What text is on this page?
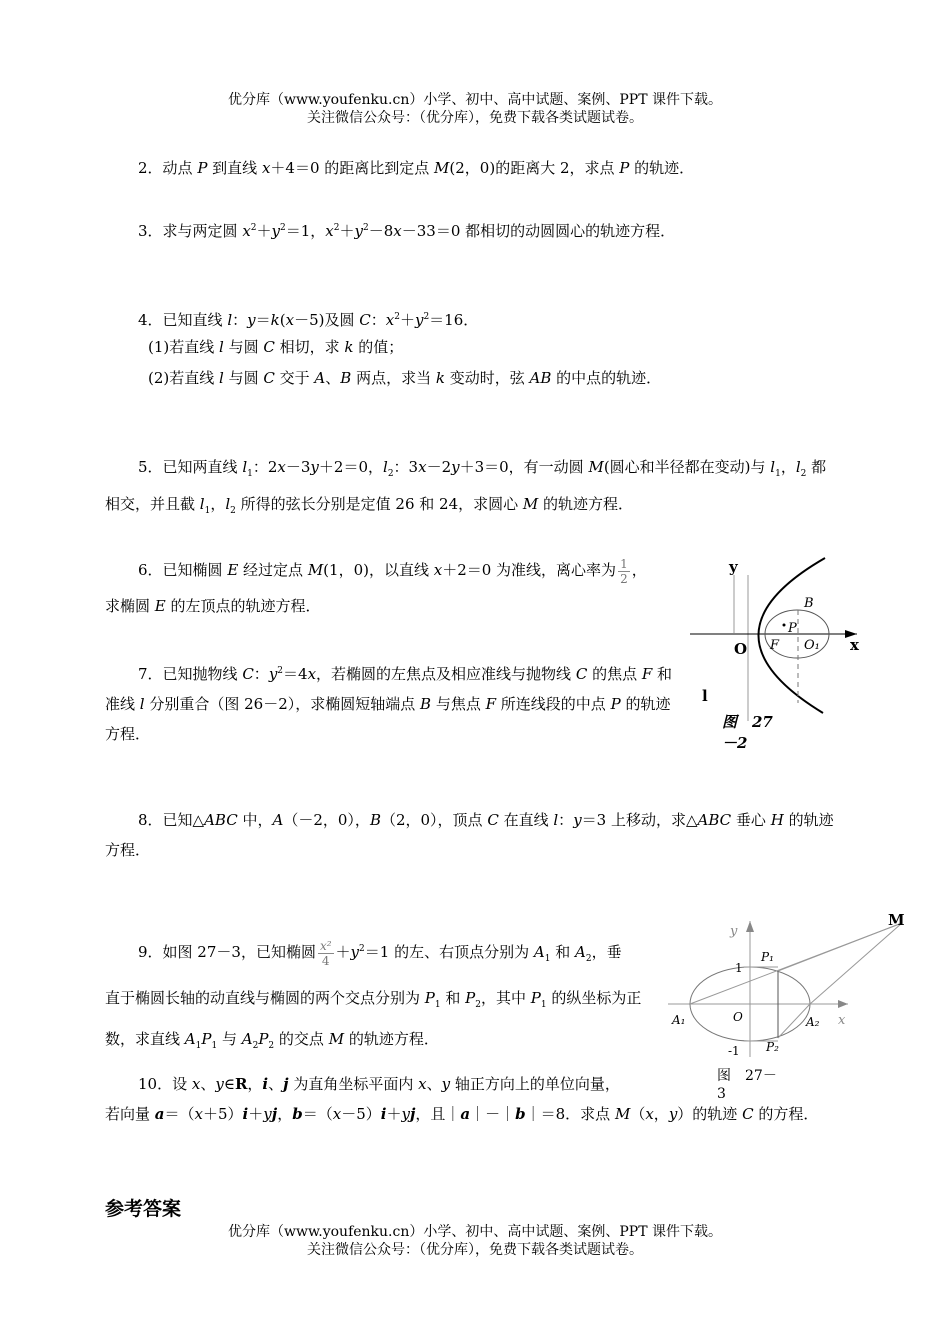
优分库（www.youfenku.cn）小学、初中、高中试题、案例、PPT 课件下载。
关注微信公众号：（优分库），免费下载各类试题试卷。
2．动点 P 到直线 x＋4＝0 的距离比到定点 M(2，0)的距离大 2，求点 P 的轨迹．
3．求与两定圆 $x^2+y^2=1$，$x^2+y^2-8x-33=0$ 都相切的动圆圆心的轨迹方程．
4．已知直线 l：y＝k(x－5)及圆 C：$x^2+y^2=16$．
(1)若直线 l 与圆 C 相切，求 k 的值；
(2)若直线 l 与圆 C 交于 A、B 两点，求当 k 变动时，弦 AB 的中点的轨迹．
5．已知两直线 $l_1$：2x－3y＋2＝0，$l_2$：3x－2y＋3＝0，有一动圆 M(圆心和半径都在变动)与 $l_1$，$l_2$ 都
相交，并且截 $l_1$，$l_2$ 所得的弦长分别是定值 26 和 24，求圆心 M 的轨迹方程．
6．已知椭圆 E 经过定点 M(1，0)，以直线 x＋2＝0 为准线，离心率为 $\frac{1}{2}$ ，
求椭圆 E 的左顶点的轨迹方程．
7．已知抛物线 C：$y^2=4x$，若椭圆的左焦点及相应准线与抛物线 C 的焦点 F 和准线 l 分别重合（图 26－2），求椭圆短轴端点 B 与焦点 F 所连线段的中点 P 的轨迹方程．
y
x
O
l
B
P
F O₁
图　27
－2
8．已知△ABC 中，A（－2，0），B（2，0），顶点 C 在直线 l：y＝3 上移动，求△ABC 垂心 H 的轨迹
方程．
9．如图 27－3，已知椭圆 $\frac{\text{x²}}{4} +y^2=1$ 的左、右顶点分别为 $A_1$ 和 $A_2$，垂
直于椭圆长轴的动直线与椭圆的两个交点分别为 $P_1$ 和 $P_2$，其中 $P_1$ 的纵坐标为正数，求直线 $A_1P_1$ 与 $A_2P_2$ 的交点 M 的轨迹方程．
M
y
x
P₁
P₂
A₁	A₂
O
1
-1
图　27－
3
10．设 x、y∈R，i、j 为直角坐标平面内 x、y 轴正方向上的单位向量，
若向量 a＝（x＋5）i＋yj，b＝（x－5）i＋yj，且｜a｜－｜b｜＝8．求点 M（x，y）的轨迹 C 的方程．
参考答案
优分库（www.youfenku.cn）小学、初中、高中试题、案例、PPT 课件下载。
关注微信公众号：（优分库），免费下载各类试题试卷。
